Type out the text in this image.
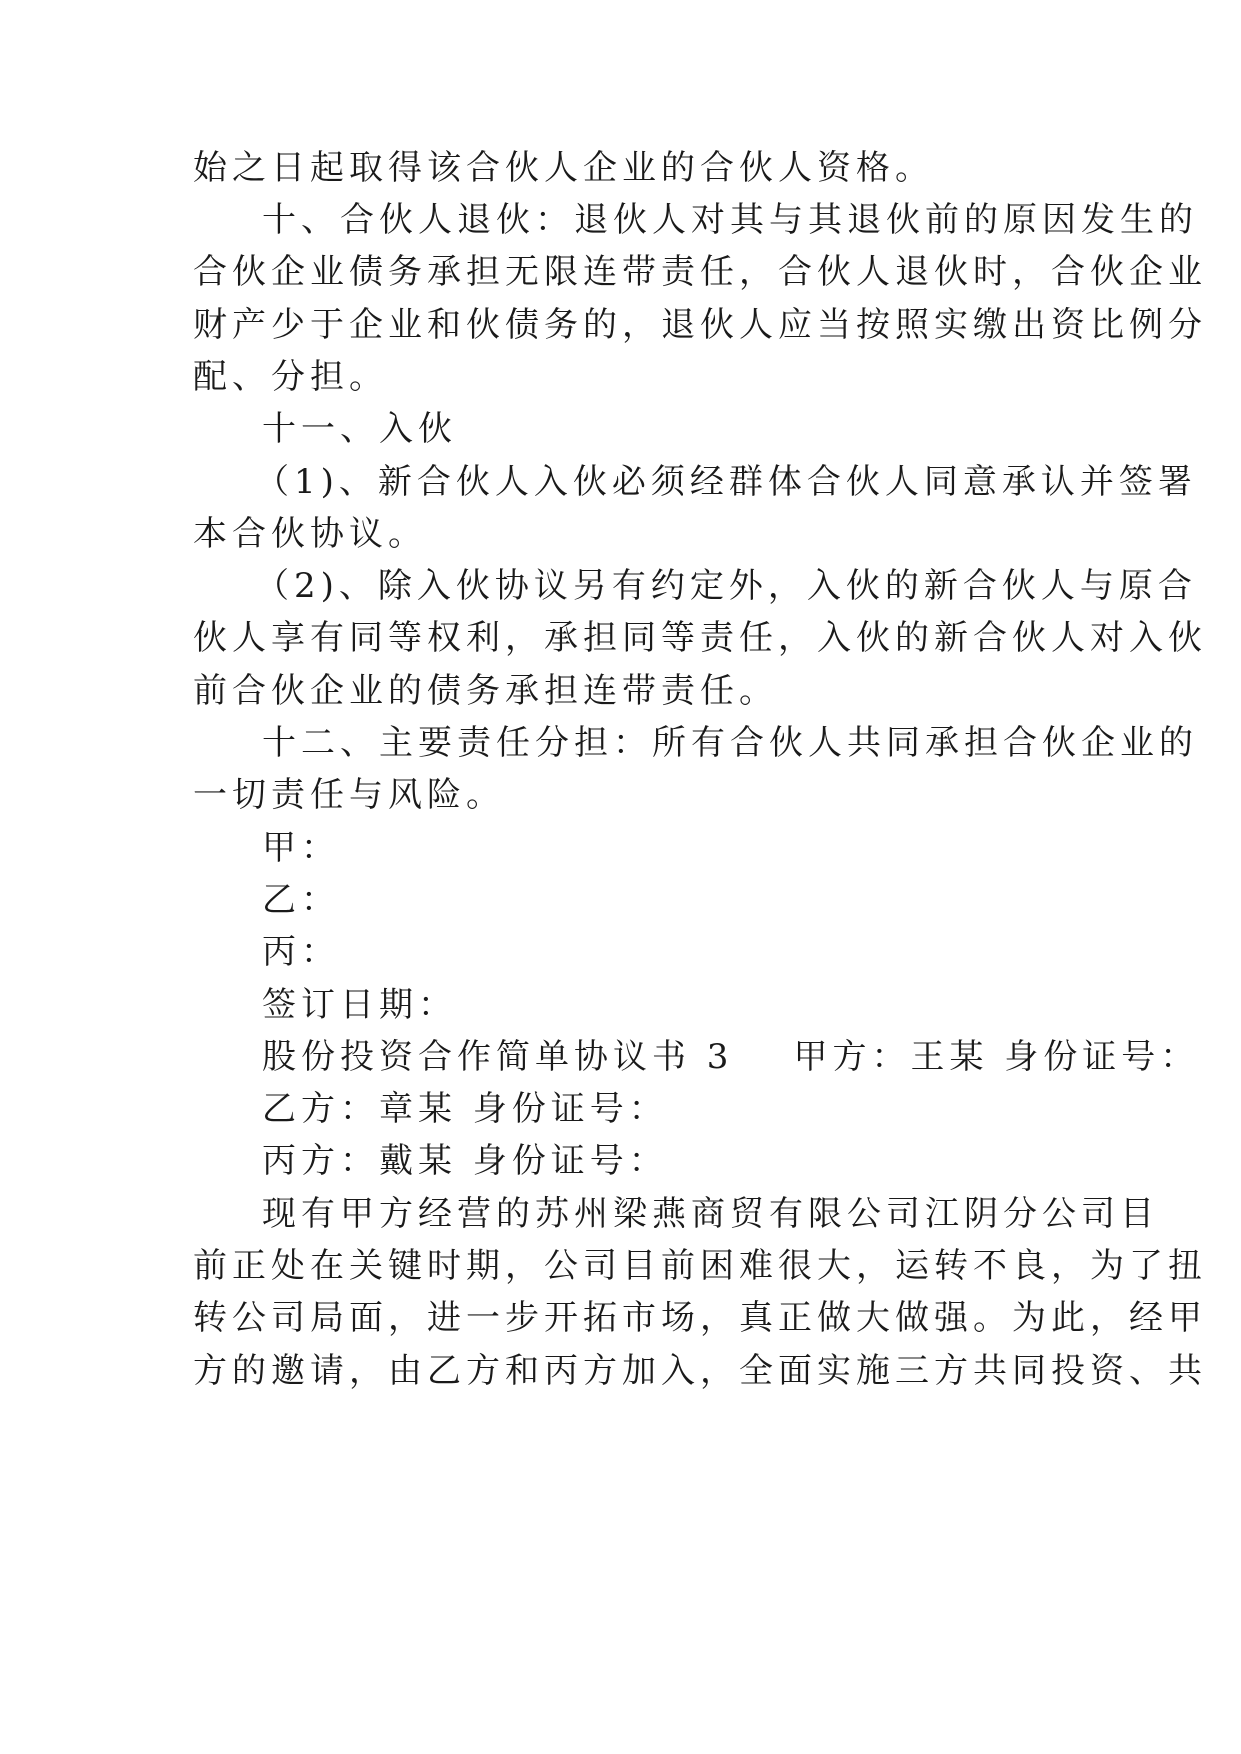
始之日起取得该合伙人企业的合伙人资格。
十、合伙人退伙：退伙人对其与其退伙前的原因发生的
合伙企业债务承担无限连带责任，合伙人退伙时，合伙企业
财产少于企业和伙债务的，退伙人应当按照实缴出资比例分
配、分担。
十一、入伙
（1)、新合伙人入伙必须经群体合伙人同意承认并签署
本合伙协议。
（2)、除入伙协议另有约定外，入伙的新合伙人与原合
伙人享有同等权利，承担同等责任，入伙的新合伙人对入伙
前合伙企业的债务承担连带责任。
十二、主要责任分担：所有合伙人共同承担合伙企业的
一切责任与风险。
甲：
乙：
丙：
签订日期：
股份投资合作简单协议书 3 甲方：王某 身份证号：
乙方：章某 身份证号：
丙方：戴某 身份证号：
现有甲方经营的苏州梁燕商贸有限公司江阴分公司目
前正处在关键时期，公司目前困难很大，运转不良，为了扭
转公司局面，进一步开拓市场，真正做大做强。为此，经甲
方的邀请，由乙方和丙方加入，全面实施三方共同投资、共
